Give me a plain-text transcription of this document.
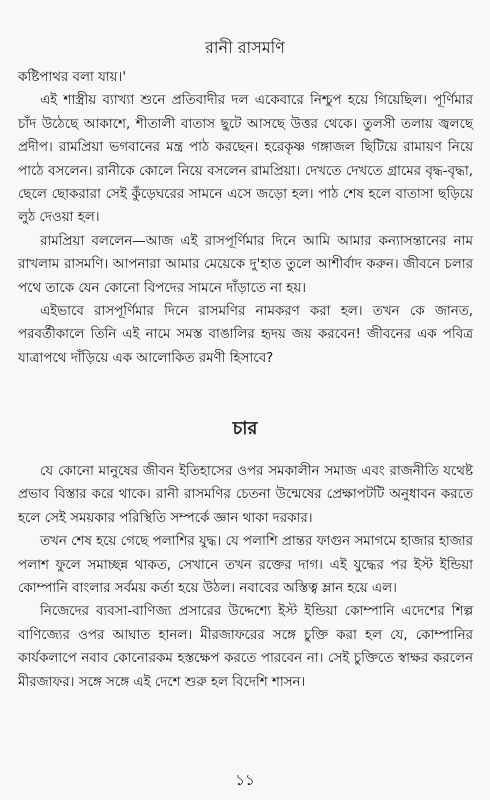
রানী রাসমণি

কষ্টিপাথর বলা যায়।'

এই শাস্ত্রীয় ব্যাখ্যা শুনে প্রতিবাদীর দল একেবারে নিশ্চুপ হয়ে গিয়েছিল। পূর্ণিমার চাঁদ উঠেছে আকাশে, শীতালী বাতাস ছুটে আসছে উত্তর থেকে। তুলসী তলায় জ্বলছে প্রদীপ। রামপ্রিয়া ভগবানের মন্ত্র পাঠ করছেন। হরেকৃষ্ণ গঙ্গাজল ছিটিয়ে রামায়ণ নিয়ে পাঠে বসলেন। রানীকে কোলে নিয়ে বসলেন রামপ্রিয়া। দেখতে দেখতে গ্রামের বৃদ্ধ-বৃদ্ধা, ছেলে ছোকরারা সেই কুঁড়েঘরের সামনে এসে জড়ো হল। পাঠ শেষ হলে বাতাসা ছড়িয়ে লুঠ দেওয়া হল।

রামপ্রিয়া বললেন—আজ এই রাসপূর্ণিমার দিনে আমি আমার কন্যাসন্তানের নাম রাখলাম রাসমণি। আপনারা আমার মেয়েকে দু'হাত তুলে আশীর্বাদ করুন। জীবনে চলার পথে তাকে যেন কোনো বিপদের সামনে দাঁড়াতে না হয়।

এইভাবে রাসপূর্ণিমার দিনে রাসমণির নামকরণ করা হল। তখন কে জানত, পরবর্তীকালে তিনি এই নামে সমস্ত বাঙালির হৃদয় জয় করবেন! জীবনের এক পবিত্র যাত্রাপথে দাঁড়িয়ে এক আলোকিত রমণী হিসাবে?

চার

যে কোনো মানুষের জীবন ইতিহাসের ওপর সমকালীন সমাজ এবং রাজনীতি যথেষ্ট প্রভাব বিস্তার করে থাকে। রানী রাসমণির চেতনা উন্মেষের প্রেক্ষাপটটি অনুধাবন করতে হলে সেই সময়কার পরিস্থিতি সম্পর্কে জ্ঞান থাকা দরকার।

তখন শেষ হয়ে গেছে পলাশির যুদ্ধ। যে পলাশি প্রান্তর ফাগুন সমাগমে হাজার হাজার পলাশ ফুলে সমাচ্ছন্ন থাকত, সেখানে তখন রক্তের দাগ। এই যুদ্ধের পর ইস্ট ইন্ডিয়া কোম্পানি বাংলার সর্বময় কর্তা হয়ে উঠল। নবাবের অস্তিত্ব ম্লান হয়ে এল।

নিজেদের ব্যবসা-বাণিজ্য প্রসারের উদ্দেশ্যে ইস্ট ইন্ডিয়া কোম্পানি এদেশের শিল্প বাণিজ্যের ওপর আঘাত হানল। মীরজাফরের সঙ্গে চুক্তি করা হল যে, কোম্পানির কার্যকলাপে নবাব কোনোরকম হস্তক্ষেপ করতে পারবেন না। সেই চুক্তিতে স্বাক্ষর করলেন মীরজাফর। সঙ্গে সঙ্গে এই দেশে শুরু হল বিদেশি শাসন।

১১
